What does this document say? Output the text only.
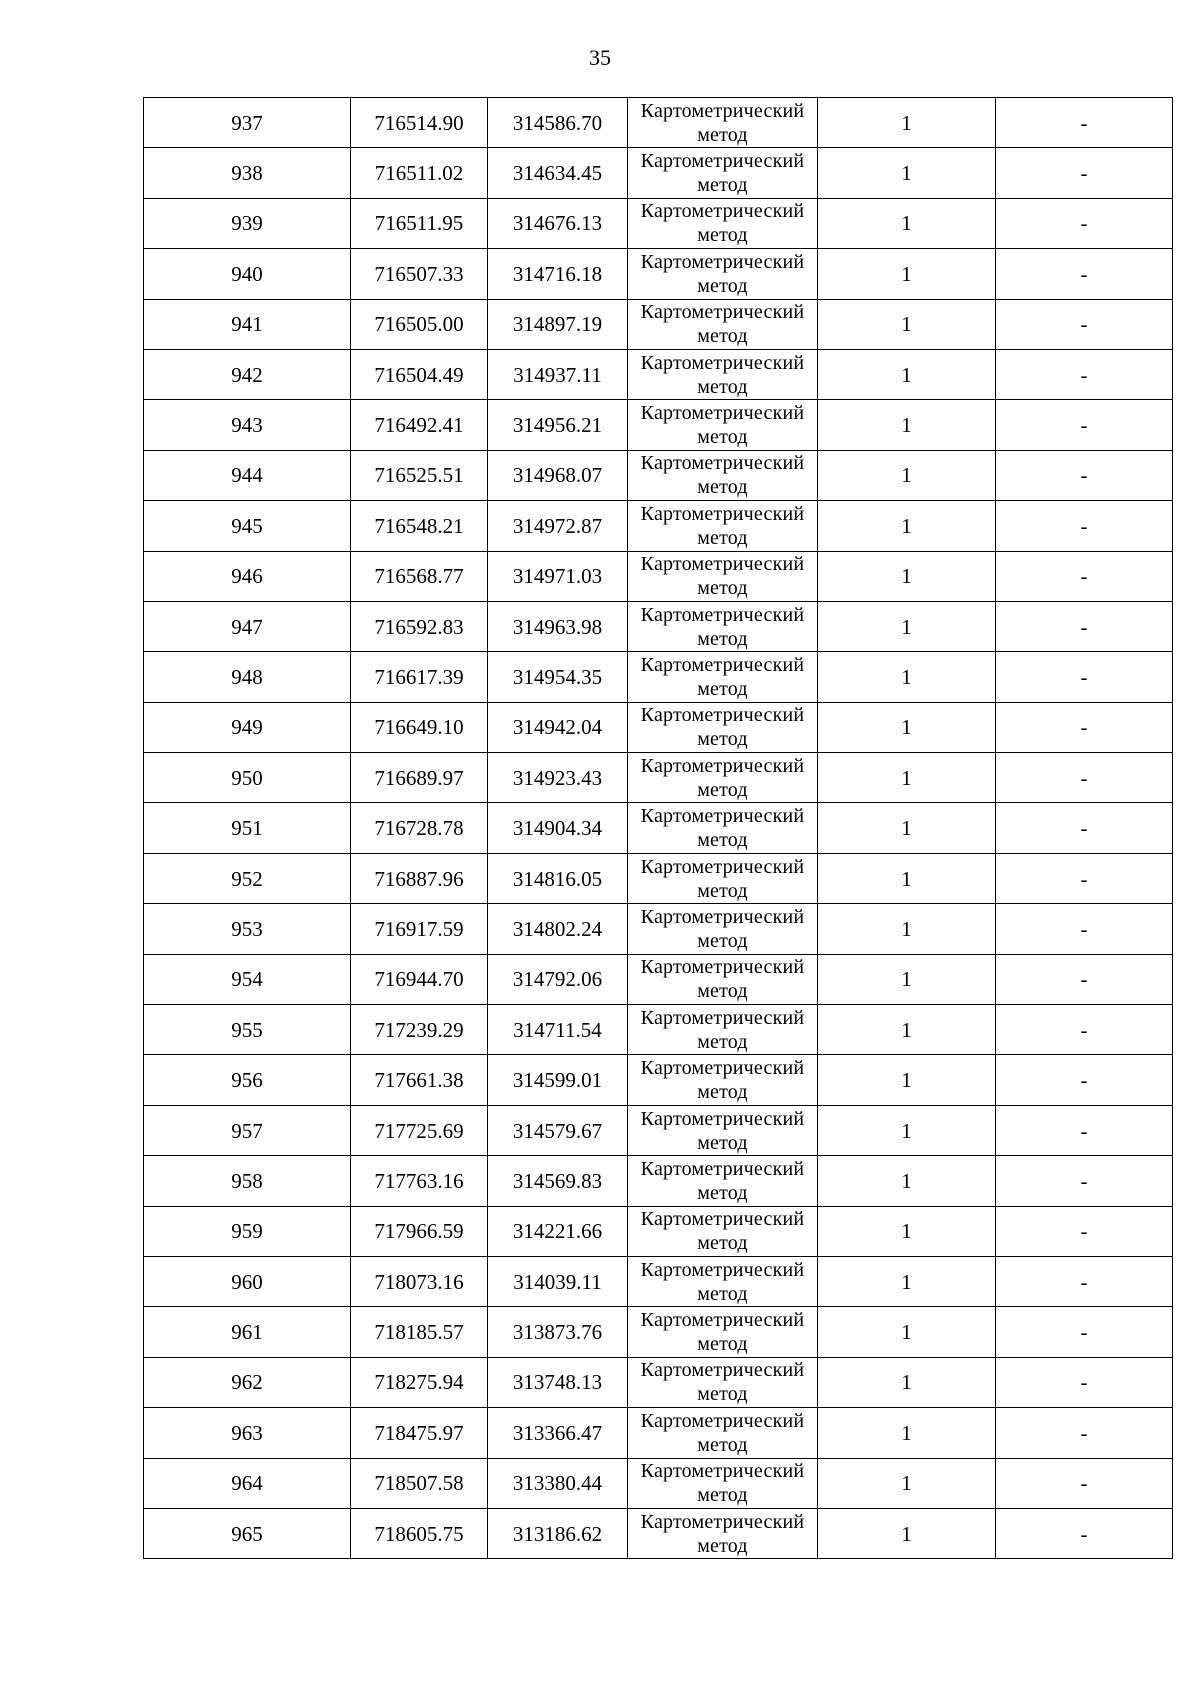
35
937	716514.90	314586.70	Картометрический
метод	1	-
938	716511.02	314634.45	Картометрический
метод	1	-
939	716511.95	314676.13	Картометрический
метод	1	-
940	716507.33	314716.18	Картометрический
метод	1	-
941	716505.00	314897.19	Картометрический
метод	1	-
942	716504.49	314937.11	Картометрический
метод	1	-
943	716492.41	314956.21	Картометрический
метод	1	-
944	716525.51	314968.07	Картометрический
метод	1	-
945	716548.21	314972.87	Картометрический
метод	1	-
946	716568.77	314971.03	Картометрический
метод	1	-
947	716592.83	314963.98	Картометрический
метод	1	-
948	716617.39	314954.35	Картометрический
метод	1	-
949	716649.10	314942.04	Картометрический
метод	1	-
950	716689.97	314923.43	Картометрический
метод	1	-
951	716728.78	314904.34	Картометрический
метод	1	-
952	716887.96	314816.05	Картометрический
метод	1	-
953	716917.59	314802.24	Картометрический
метод	1	-
954	716944.70	314792.06	Картометрический
метод	1	-
955	717239.29	314711.54	Картометрический
метод	1	-
956	717661.38	314599.01	Картометрический
метод	1	-
957	717725.69	314579.67	Картометрический
метод	1	-
958	717763.16	314569.83	Картометрический
метод	1	-
959	717966.59	314221.66	Картометрический
метод	1	-
960	718073.16	314039.11	Картометрический
метод	1	-
961	718185.57	313873.76	Картометрический
метод	1	-
962	718275.94	313748.13	Картометрический
метод	1	-
963	718475.97	313366.47	Картометрический
метод	1	-
964	718507.58	313380.44	Картометрический
метод	1	-
965	718605.75	313186.62	Картометрический
метод	1	-
